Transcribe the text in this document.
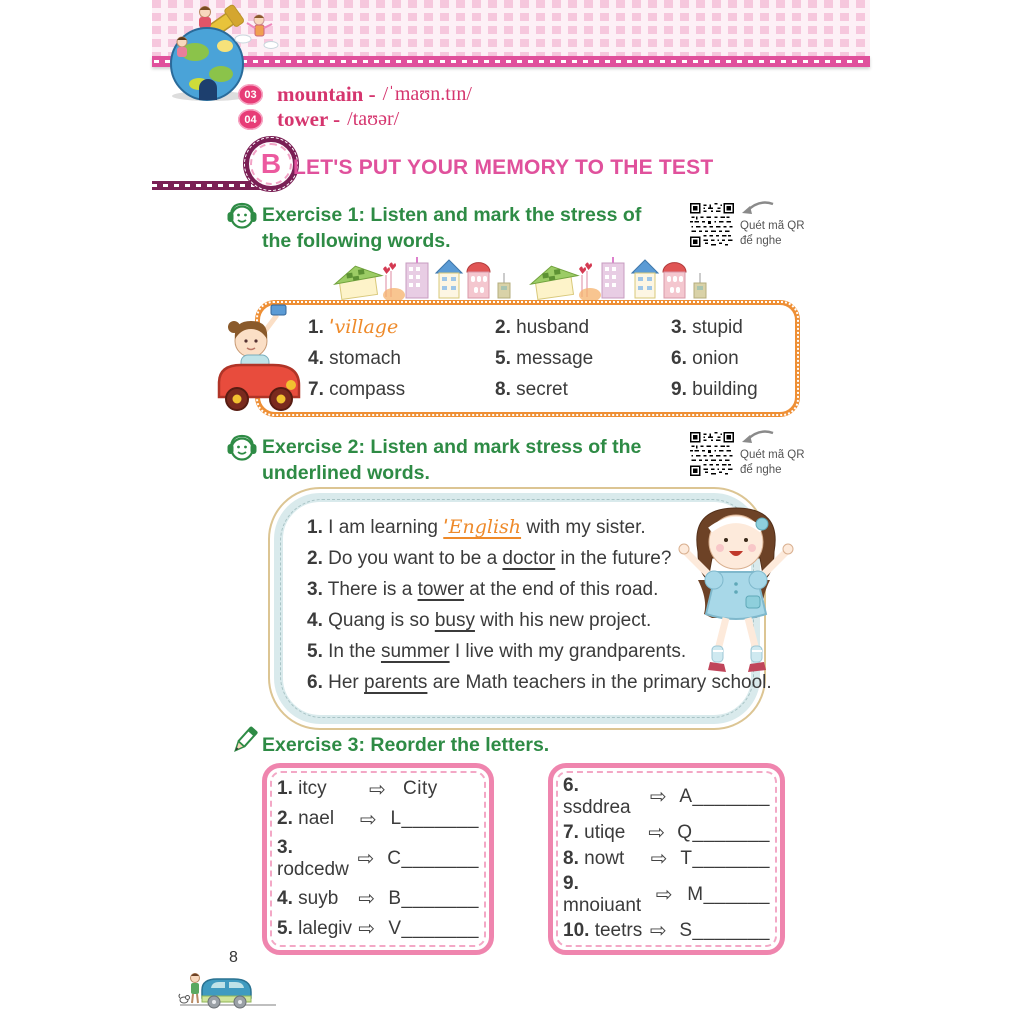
03 mountain - /ˈmaʊn.tɪn/
04 tower - /taʊər/
B LET'S PUT YOUR MEMORY TO THE TEST
Exercise 1: Listen and mark the stress of the following words.
Quét mã QR
để nghe
1. ˈvillage	2. husband	3. stupid
4. stomach	5. message	6. onion
7. compass	8. secret	9. building
Exercise 2: Listen and mark stress of the underlined words.
Quét mã QR
để nghe
1. I am learning ˈEnglish with my sister.
2. Do you want to be a doctor in the future?
3. There is a tower at the end of this road.
4. Quang is so busy with his new project.
5. In the summer I live with my grandparents.
6. Her parents are Math teachers in the primary school.
Exercise 3: Reorder the letters.
1. itcy	⇨ City
2. nael	⇨ L_______
3. rodcedw ⇨ C_______
4. suyb	⇨ B_______
5. lalegiv ⇨ V_______
6. ssddrea ⇨ A_______
7. utiqe	⇨ Q_______
8. nowt	⇨ T_______
9. mnoiuant ⇨ M______
10. teetrs ⇨ S_______
8
